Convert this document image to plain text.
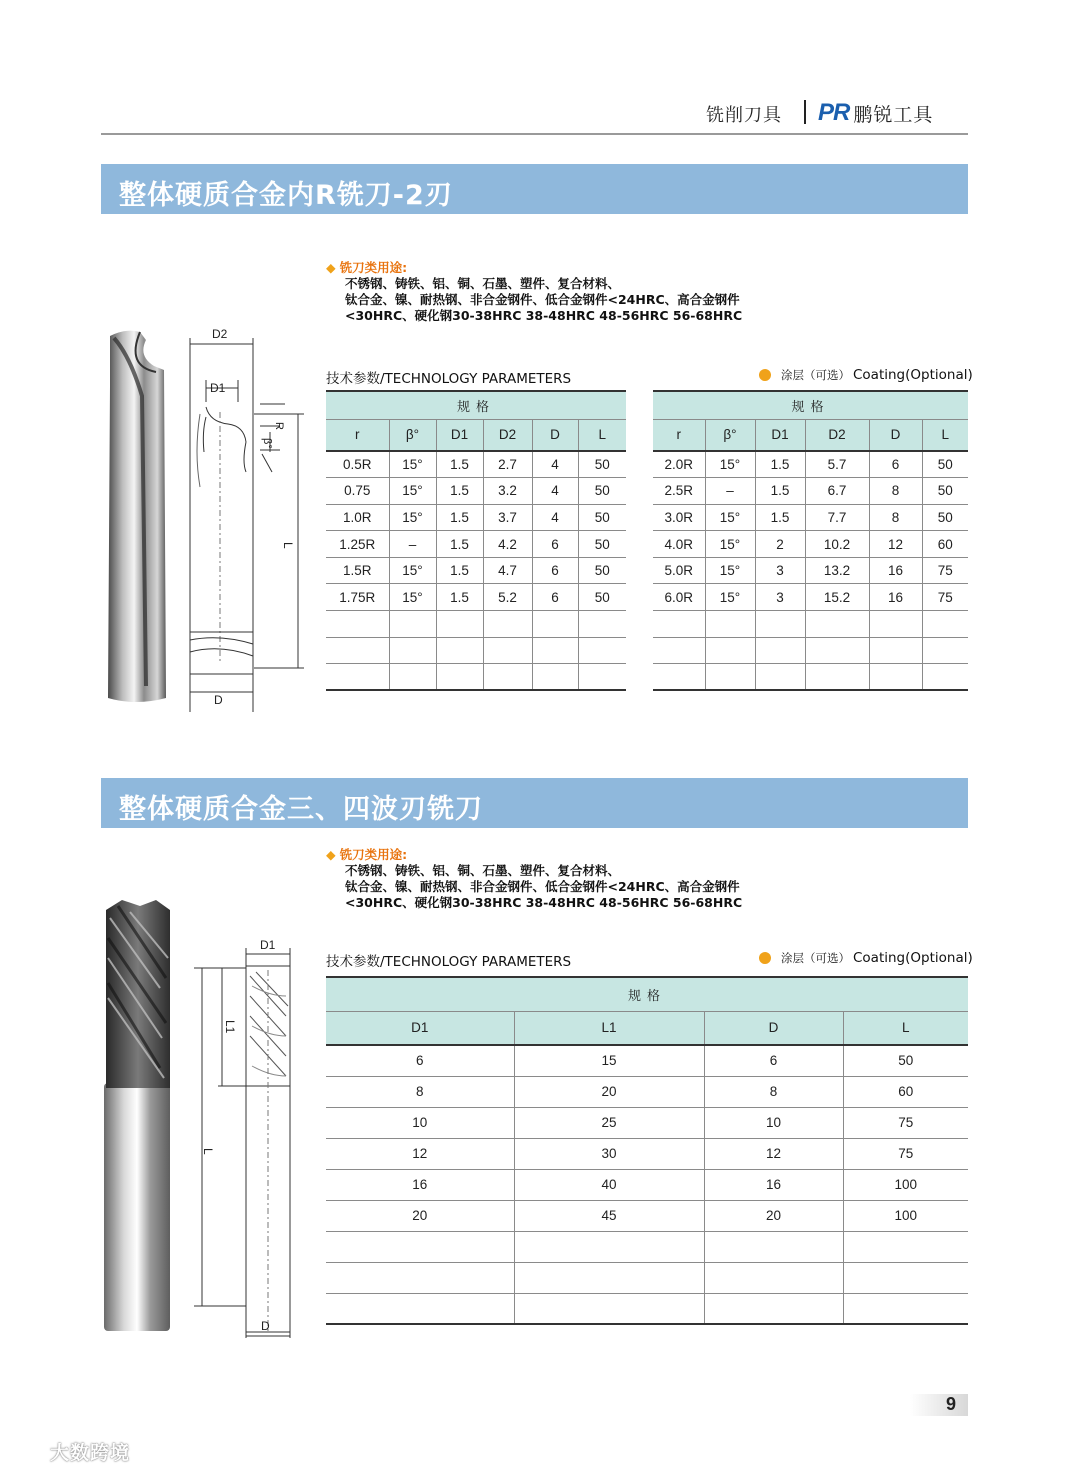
铣削刀具 PR 鹏锐工具
整体硬质合金内R铣刀-2刃
◆ 铣刀类用途:
不锈钢、铸铁、铝、铜、石墨、塑件、复合材料、
钛合金、镍、耐热钢、非合金钢件、低合金钢件<24HRC、高合金钢件
<30HRC、硬化钢30-38HRC 38-48HRC 48-56HRC 56-68HRC
D2
D1
R
β°
L
D
技术参数/TECHNOLOGY PARAMETERS	涂层（可选） Coating(Optional)
规格					
r	β°	D1	D2	D	L
0.5R	15°	1.5	2.7	4	50
0.75	15°	1.5	3.2	4	50
1.0R	15°	1.5	3.7	4	50
1.25R	–	1.5	4.2	6	50
1.5R	15°	1.5	4.7	6	50
1.75R	15°	1.5	5.2	6	50

规格					
r	β°	D1	D2	D	L
2.0R	15°	1.5	5.7	6	50
2.5R	–	1.5	6.7	8	50
3.0R	15°	1.5	7.7	8	50
4.0R	15°	2	10.2	12	60
5.0R	15°	3	13.2	16	75
6.0R	15°	3	15.2	16	75

整体硬质合金三、四波刃铣刀
◆ 铣刀类用途:
不锈钢、铸铁、铝、铜、石墨、塑件、复合材料、
钛合金、镍、耐热钢、非合金钢件、低合金钢件<24HRC、高合金钢件
<30HRC、硬化钢30-38HRC 38-48HRC 48-56HRC 56-68HRC
D1
L1
L
D
技术参数/TECHNOLOGY PARAMETERS	涂层（可选） Coating(Optional)
规格			
D1	L1	D	L
6	15	6	50
8	20	8	60
10	25	10	75
12	30	12	75
16	40	16	100
20	45	20	100

9
大数跨境
